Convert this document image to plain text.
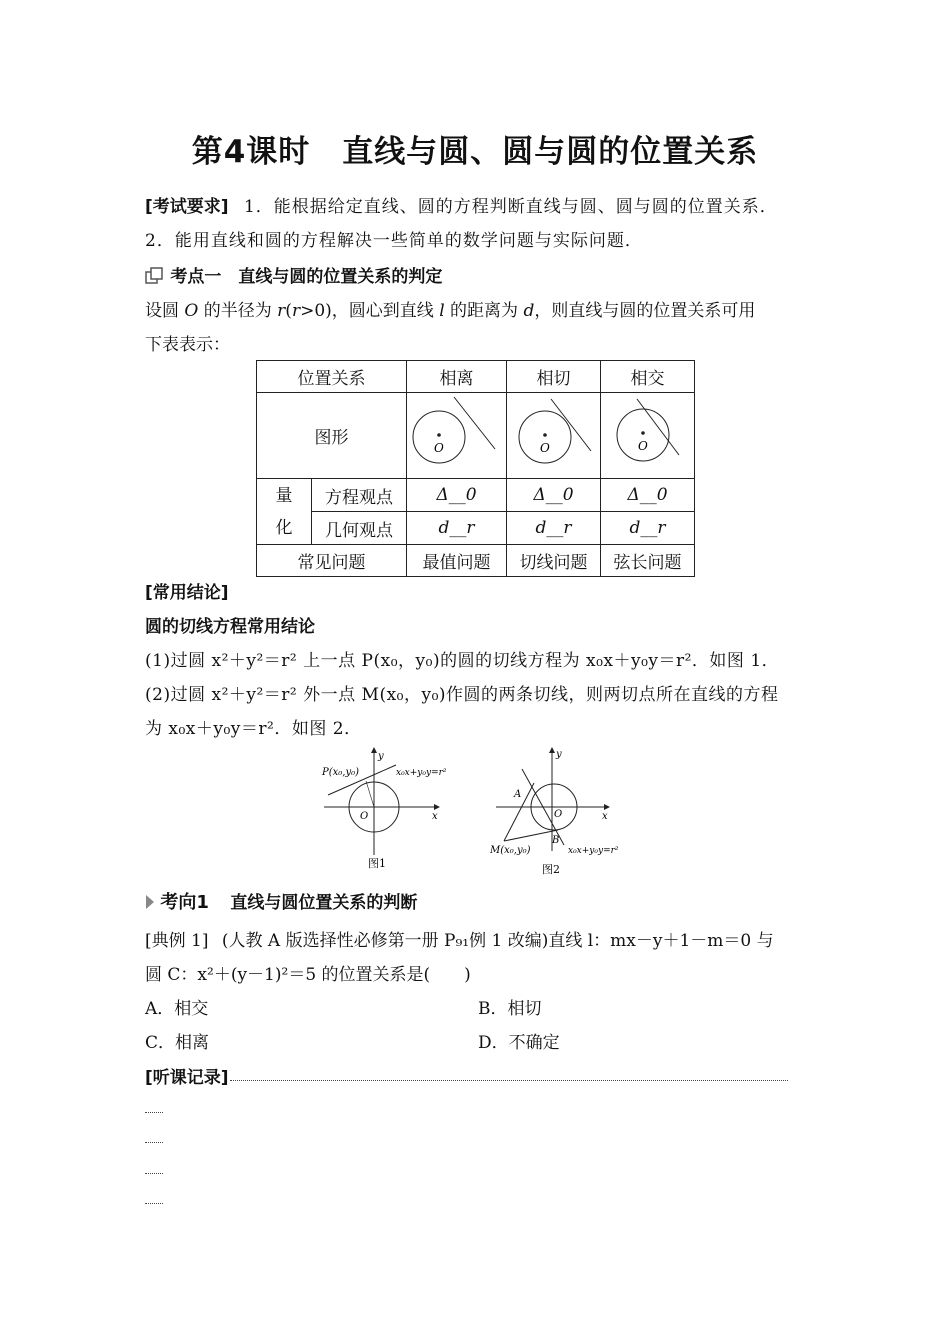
第4课时　直线与圆、圆与圆的位置关系
[考试要求] 1．能根据给定直线、圆的方程判断直线与圆、圆与圆的位置关系．
2．能用直线和圆的方程解决一些简单的数学问题与实际问题．
考点一　直线与圆的位置关系的判定
设圆 O 的半径为 r(r>0)，圆心到直线 l 的距离为 d，则直线与圆的位置关系可用
下表表示：
位置关系		相离	相切	相交
图形		O	O	O

量
化	方程观点	Δ__0	Δ__0	Δ__0
	几何观点	d__r	d__r	d__r
常见问题		最值问题	切线问题	弦长问题
[常用结论]
圆的切线方程常用结论
(1)过圆 x²＋y²＝r² 上一点 P(x₀，y₀)的圆的切线方程为 x₀x＋y₀y＝r²．如图 1．
(2)过圆 x²＋y²＝r² 外一点 M(x₀，y₀)作圆的两条切线，则两切点所在直线的方程
为 x₀x＋y₀y＝r²．如图 2．
x
y
O
P(x₀,y₀)	x₀x+y₀y=r²
图1
x
y
O
A
B
M(x₀,y₀)	x₀x+y₀y=r²
图2
考向1 直线与圆位置关系的判断
[典例 1] (人教 A 版选择性必修第一册 P₉₁例 1 改编)直线 l：mx－y＋1－m＝0 与
圆 C：x²＋(y－1)²＝5 的位置关系是(　　)
A．相交	B．相切
C．相离	D．不确定
[听课记录]
